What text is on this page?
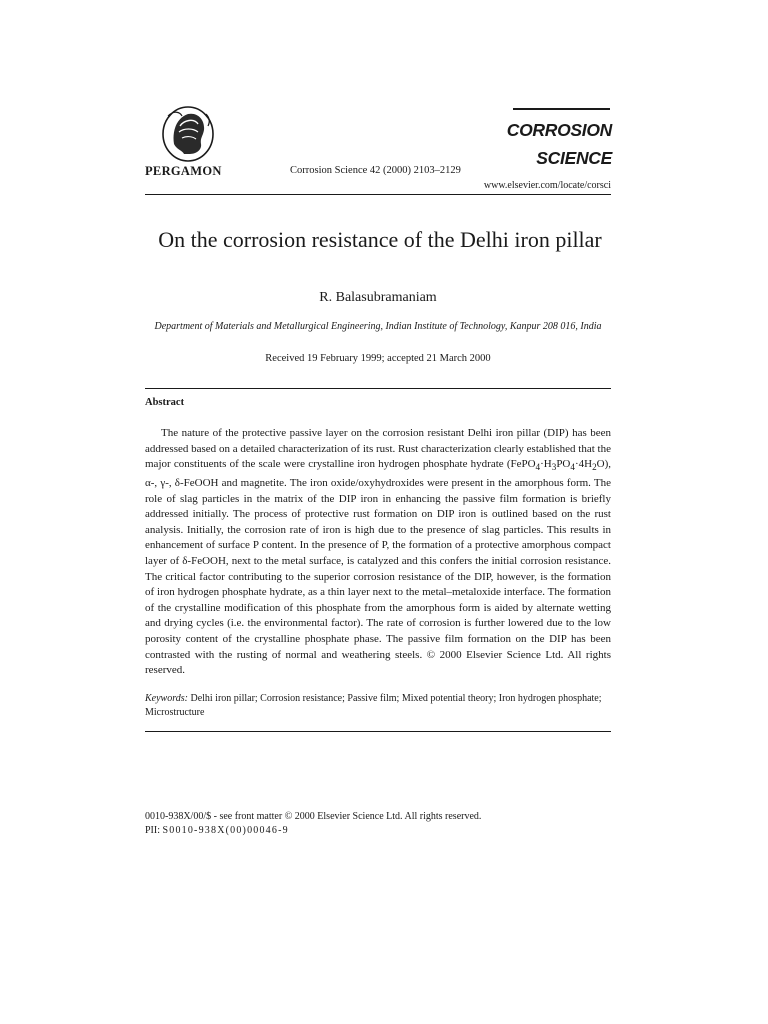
PERGAMON	Corrosion Science 42 (2000) 2103–2129
CORROSION
SCIENCE
www.elsevier.com/locate/corsci
On the corrosion resistance of the Delhi iron pillar
R. Balasubramaniam
Department of Materials and Metallurgical Engineering, Indian Institute of Technology, Kanpur 208 016, India
Received 19 February 1999; accepted 21 March 2000
Abstract

The nature of the protective passive layer on the corrosion resistant Delhi iron pillar (DIP) has been addressed based on a detailed characterization of its rust. Rust characterization clearly established that the major constituents of the scale were crystalline iron hydrogen phosphate hydrate $(FePO_4\cdot H_3PO_4\cdot 4H_2O)$, α-, γ-, δ-FeOOH and magnetite. The iron oxide/oxyhydroxides were present in the amorphous form. The role of slag particles in the matrix of the DIP iron in enhancing the passive film formation is briefly addressed initially. The process of protective rust formation on DIP iron is outlined based on the rust analysis. Initially, the corrosion rate of iron is high due to the presence of slag particles. This results in enhancement of surface P content. In the presence of P, the formation of a protective amorphous compact layer of δ-FeOOH, next to the metal surface, is catalyzed and this confers the initial corrosion resistance. The critical factor contributing to the superior corrosion resistance of the DIP, however, is the formation of iron hydrogen phosphate hydrate, as a thin layer next to the metal–metaloxide interface. The formation of the crystalline modification of this phosphate from the amorphous form is aided by alternate wetting and drying cycles (i.e. the environmental factor). The rate of corrosion is further lowered due to the low porosity content of the crystalline phosphate phase. The passive film formation on the DIP has been contrasted with the rusting of normal and weathering steels. © 2000 Elsevier Science Ltd. All rights reserved.

Keywords: Delhi iron pillar; Corrosion resistance; Passive film; Mixed potential theory; Iron hydrogen phosphate; Microstructure

0010-938X/00/$ - see front matter © 2000 Elsevier Science Ltd. All rights reserved.
PII: S0010-938X(00)00046-9
